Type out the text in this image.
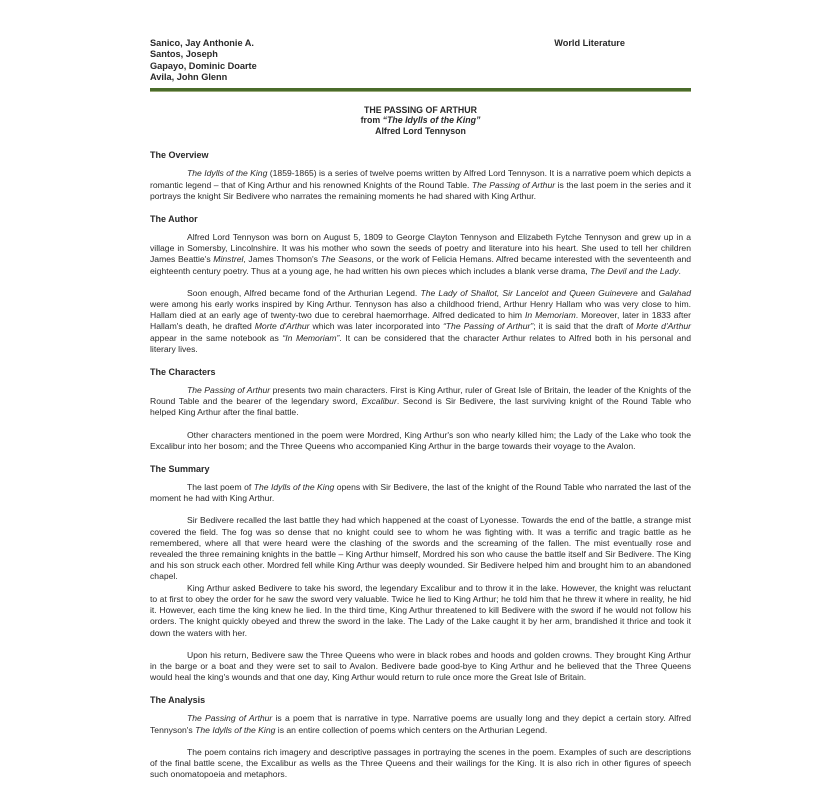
Sanico, Jay Anthonie A.
Santos, Joseph
Gapayo, Dominic Doarte
Avila, John Glenn
World Literature
THE PASSING OF ARTHUR
from “The Idylls of the King”
Alfred Lord Tennyson
The Overview

The Idylls of the King (1859-1865) is a series of twelve poems written by Alfred Lord Tennyson. It is a narrative poem which depicts a romantic legend – that of King Arthur and his renowned Knights of the Round Table. The Passing of Arthur is the last poem in the series and it portrays the knight Sir Bedivere who narrates the remaining moments he had shared with King Arthur.

The Author

Alfred Lord Tennyson was born on August 5, 1809 to George Clayton Tennyson and Elizabeth Fytche Tennyson and grew up in a village in Somersby, Lincolnshire. It was his mother who sown the seeds of poetry and literature into his heart. She used to tell her children James Beattie's Minstrel, James Thomson's The Seasons, or the work of Felicia Hemans. Alfred became interested with the seventeenth and eighteenth century poetry. Thus at a young age, he had written his own pieces which includes a blank verse drama, The Devil and the Lady.

Soon enough, Alfred became fond of the Arthurian Legend. The Lady of Shallot, Sir Lancelot and Queen Guinevere and Galahad were among his early works inspired by King Arthur. Tennyson has also a childhood friend, Arthur Henry Hallam who was very close to him. Hallam died at an early age of twenty-two due to cerebral haemorrhage. Alfred dedicated to him In Memoriam. Moreover, later in 1833 after Hallam's death, he drafted Morte d'Arthur which was later incorporated into “The Passing of Arthur”; it is said that the draft of Morte d'Arthur appear in the same notebook as “In Memoriam”. It can be considered that the character Arthur relates to Alfred both in his personal and literary lives.

The Characters

The Passing of Arthur presents two main characters. First is King Arthur, ruler of Great Isle of Britain, the leader of the Knights of the Round Table and the bearer of the legendary sword, Excalibur. Second is Sir Bedivere, the last surviving knight of the Round Table who helped King Arthur after the final battle.

Other characters mentioned in the poem were Mordred, King Arthur's son who nearly killed him; the Lady of the Lake who took the Excalibur into her bosom; and the Three Queens who accompanied King Arthur in the barge towards their voyage to the Avalon.

The Summary

The last poem of The Idylls of the King opens with Sir Bedivere, the last of the knight of the Round Table who narrated the last of the moment he had with King Arthur.

Sir Bedivere recalled the last battle they had which happened at the coast of Lyonesse. Towards the end of the battle, a strange mist covered the field. The fog was so dense that no knight could see to whom he was fighting with. It was a terrific and tragic battle as he remembered, where all that were heard were the clashing of the swords and the screaming of the fallen. The mist eventually rose and revealed the three remaining knights in the battle – King Arthur himself, Mordred his son who cause the battle itself and Sir Bedivere. The King and his son struck each other. Mordred fell while King Arthur was deeply wounded. Sir Bedivere helped him and brought him to an abandoned chapel.

King Arthur asked Bedivere to take his sword, the legendary Excalibur and to throw it in the lake. However, the knight was reluctant to at first to obey the order for he saw the sword very valuable. Twice he lied to King Arthur; he told him that he threw it where in reality, he hid it. However, each time the king knew he lied. In the third time, King Arthur threatened to kill Bedivere with the sword if he would not follow his orders. The knight quickly obeyed and threw the sword in the lake. The Lady of the Lake caught it by her arm, brandished it thrice and took it down the waters with her.

Upon his return, Bedivere saw the Three Queens who were in black robes and hoods and golden crowns. They brought King Arthur in the barge or a boat and they were set to sail to Avalon. Bedivere bade good-bye to King Arthur and he believed that the Three Queens would heal the king's wounds and that one day, King Arthur would return to rule once more the Great Isle of Britain.

The Analysis

The Passing of Arthur is a poem that is narrative in type. Narrative poems are usually long and they depict a certain story. Alfred Tennyson's The Idylls of the King is an entire collection of poems which centers on the Arthurian Legend.

The poem contains rich imagery and descriptive passages in portraying the scenes in the poem. Examples of such are descriptions of the final battle scene, the Excalibur as wells as the Three Queens and their wailings for the King. It is also rich in other figures of speech such onomatopoeia and metaphors.
